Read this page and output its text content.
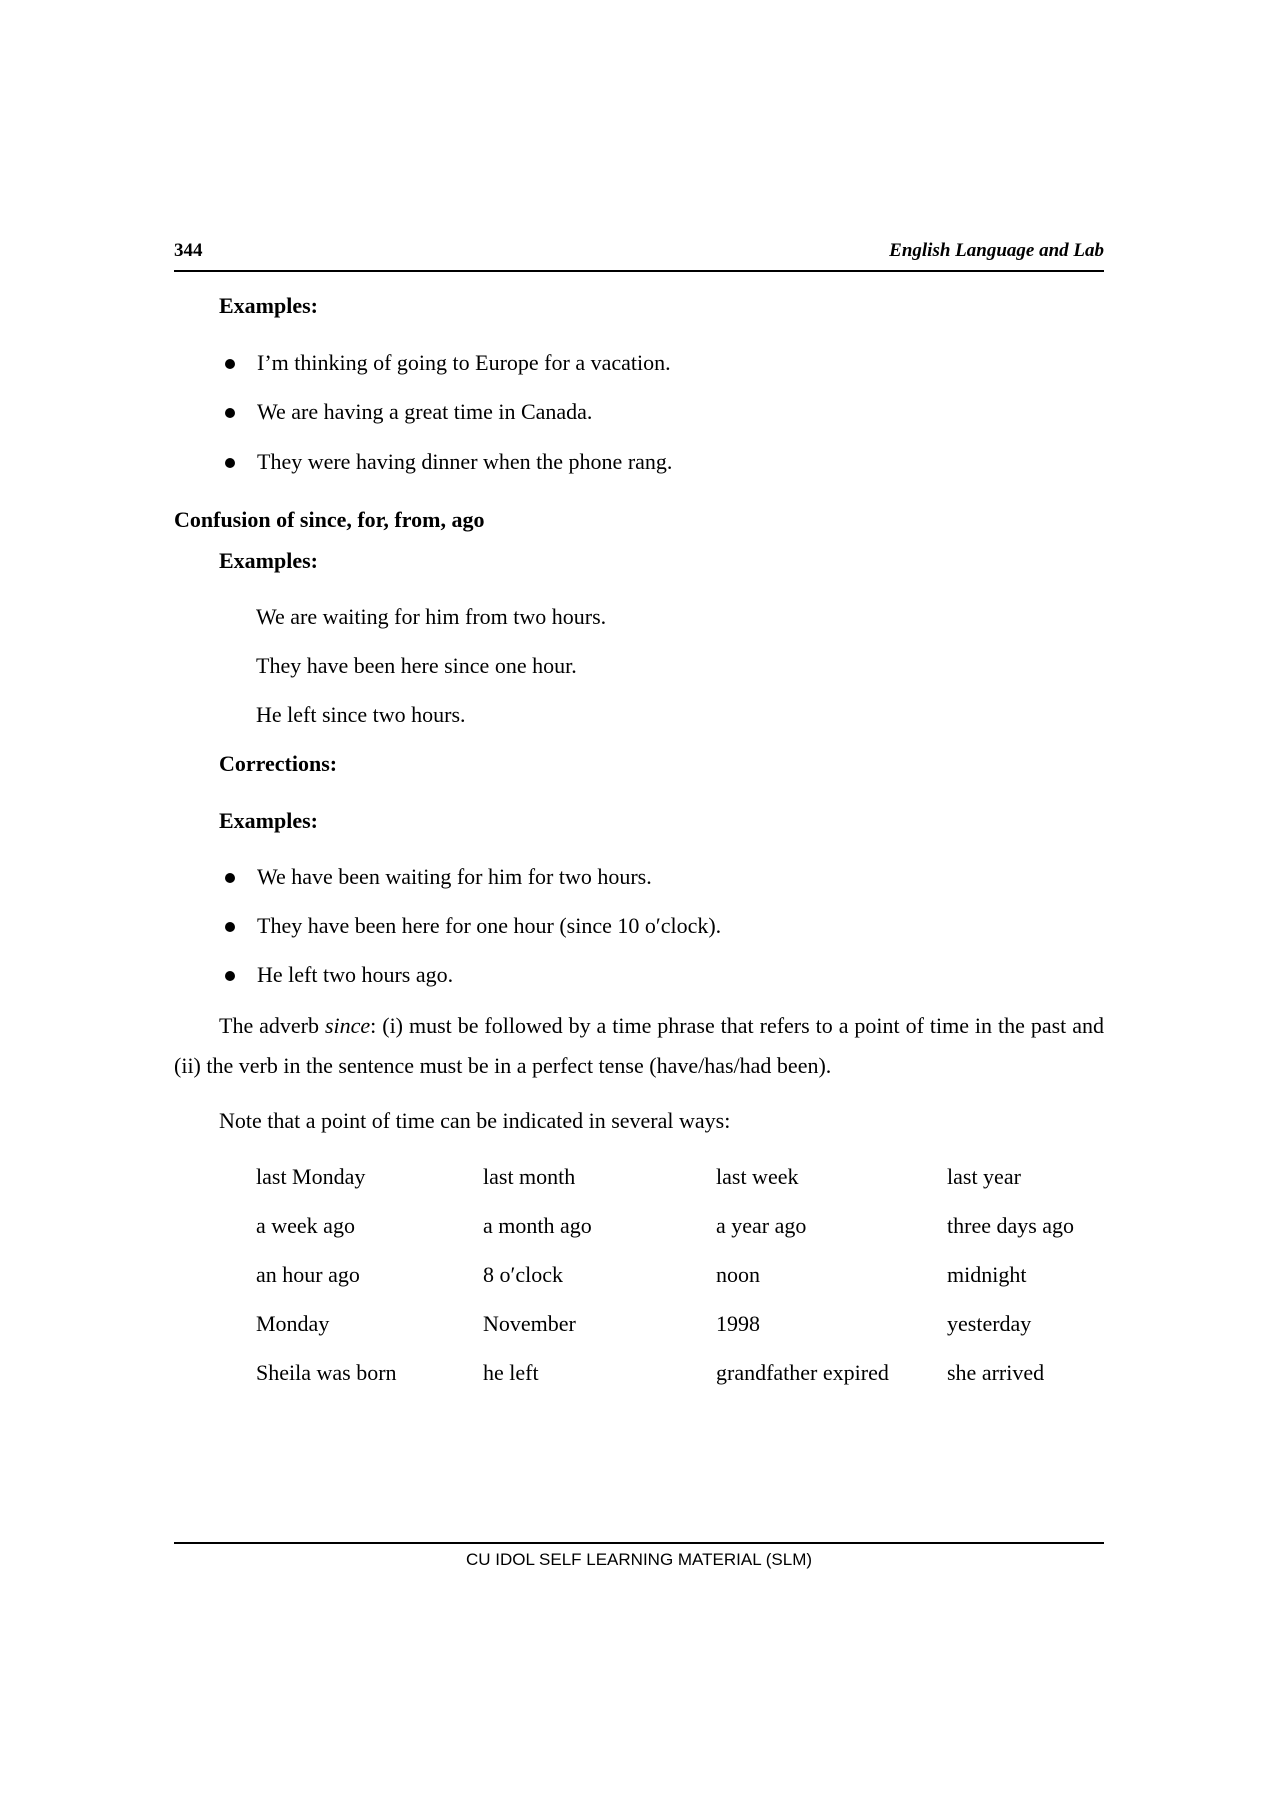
344	English Language and Lab
Examples:
I’m thinking of going to Europe for a vacation.
We are having a great time in Canada.
They were having dinner when the phone rang.
Confusion of since, for, from, ago
Examples:
We are waiting for him from two hours.
They have been here since one hour.
He left since two hours.
Corrections:
Examples:
We have been waiting for him for two hours.
They have been here for one hour (since 10 o′clock).
He left two hours ago.
The adverb since: (i) must be followed by a time phrase that refers to a point of time in the past and (ii) the verb in the sentence must be in a perfect tense (have/has/had been).
Note that a point of time can be indicated in several ways:
last Monday	last month	last week	last year
a week ago	a month ago	a year ago	three days ago
an hour ago	8 o′clock	noon	midnight
Monday	November	1998	yesterday
Sheila was born	he left	grandfather expired	she arrived
CU IDOL SELF LEARNING MATERIAL (SLM)
